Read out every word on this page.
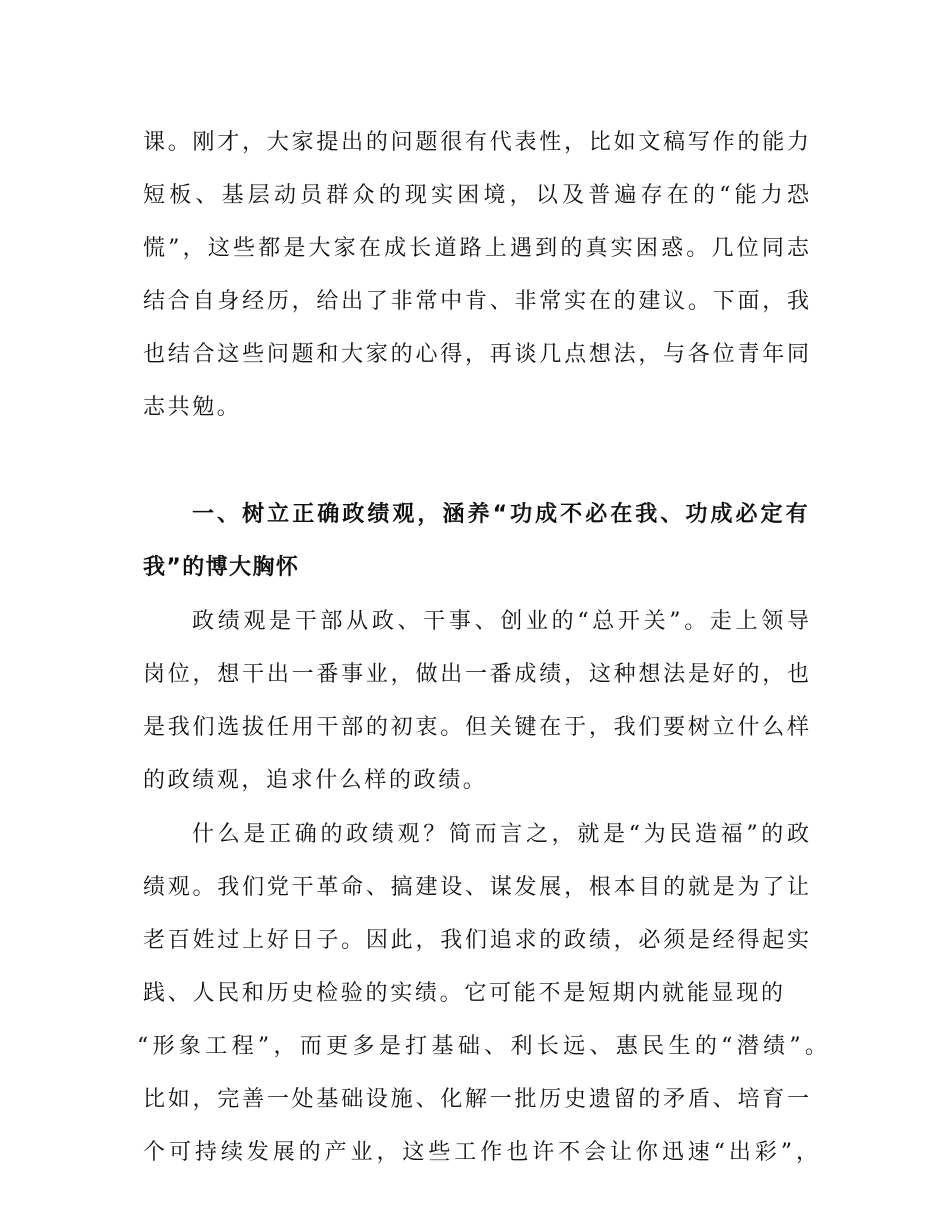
课。刚才，大家提出的问题很有代表性，比如文稿写作的能力
短板、基层动员群众的现实困境，以及普遍存在的“能力恐
慌”，这些都是大家在成长道路上遇到的真实困惑。几位同志
结合自身经历，给出了非常中肯、非常实在的建议。下面，我
也结合这些问题和大家的心得，再谈几点想法，与各位青年同
志共勉。
一、树立正确政绩观，涵养“功成不必在我、功成必定有
我”的博大胸怀
政绩观是干部从政、干事、创业的“总开关”。走上领导
岗位，想干出一番事业，做出一番成绩，这种想法是好的，也
是我们选拔任用干部的初衷。但关键在于，我们要树立什么样
的政绩观，追求什么样的政绩。
什么是正确的政绩观？简而言之，就是“为民造福”的政
绩观。我们党干革命、搞建设、谋发展，根本目的就是为了让
老百姓过上好日子。因此，我们追求的政绩，必须是经得起实
践、人民和历史检验的实绩。它可能不是短期内就能显现的
“形象工程”，而更多是打基础、利长远、惠民生的“潜绩”。
比如，完善一处基础设施、化解一批历史遗留的矛盾、培育一
个可持续发展的产业，这些工作也许不会让你迅速“出彩”，
